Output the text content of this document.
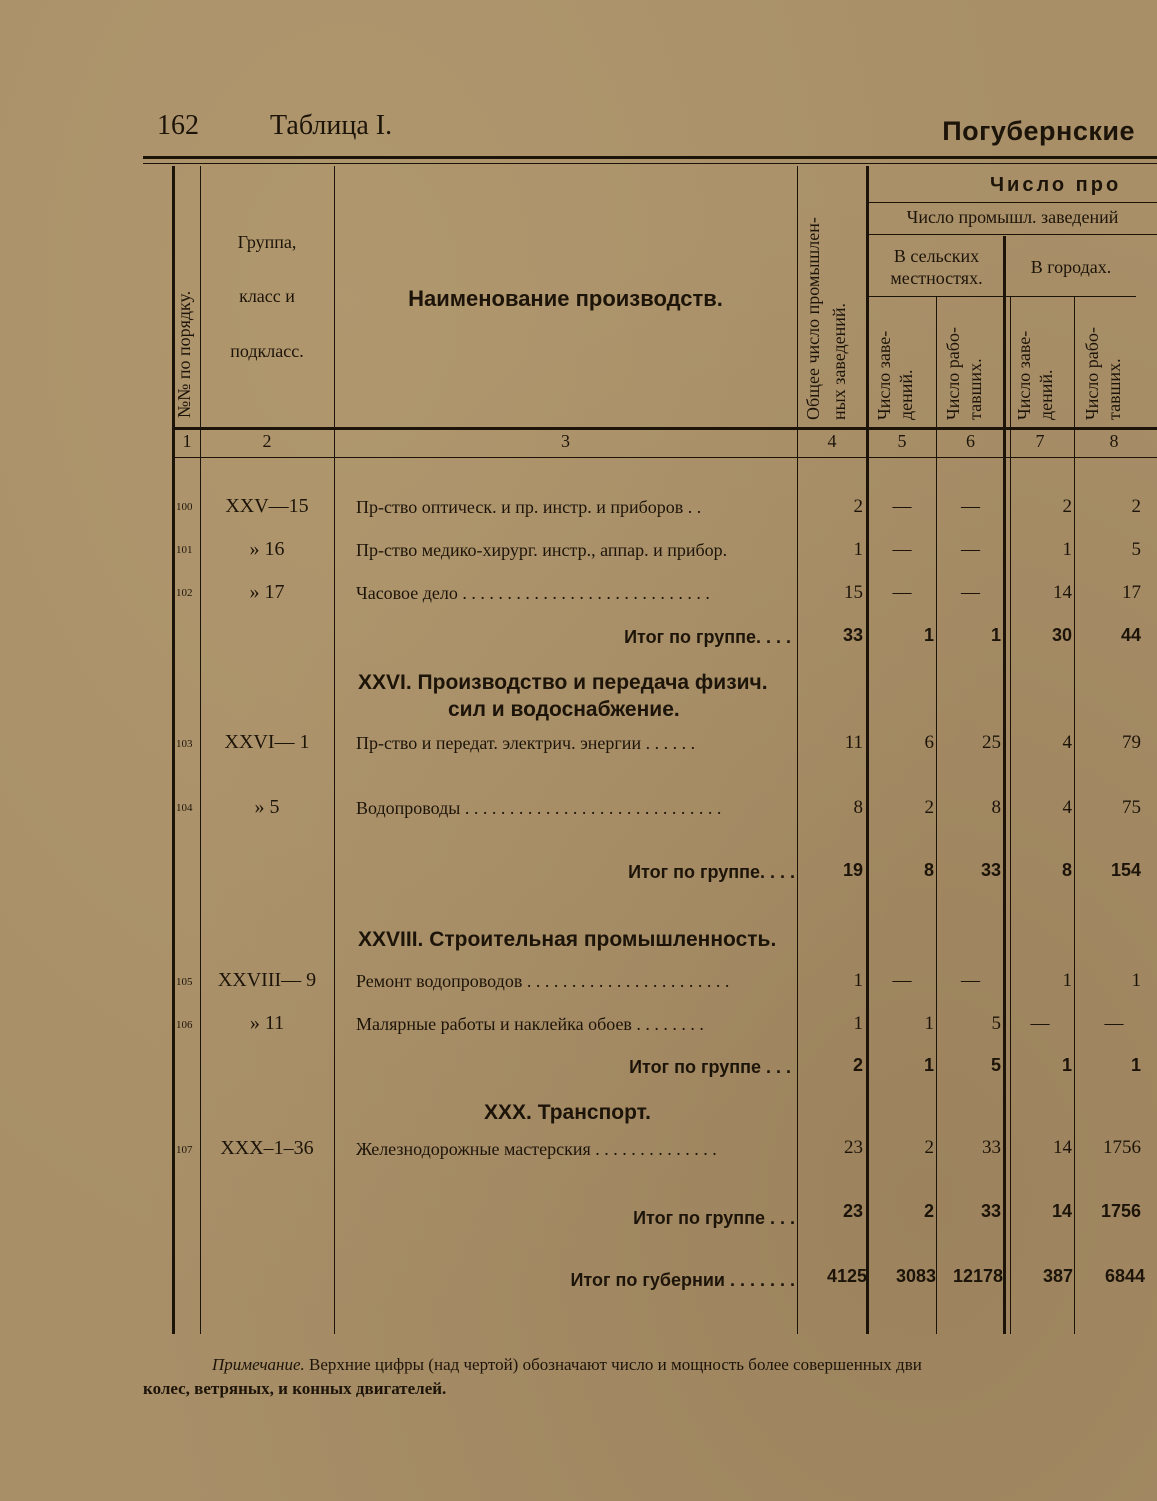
162	Таблица I.	Погубернские
№№ по порядку.
Группа,
класс и
подкласс.
Наименование производств.	Общее число промышлен- ных заведений.
Число про
Число промышл. заведений
В сельских
местностях.
В городах.
Число заве- дений. Число рабо- тавших. Число заве- дений. Число рабо- тавших.
1	2	3	4	5	6	7	8
100	XXV—15	Пр-ство оптическ. и пр. инстр. и приборов . .	2	—	—	2	2
101	» 16	Пр-ство медико-хирург. инстр., аппар. и прибор.	1	—	—	1	5
102	» 17	Часовое дело . . . . . . . . . . . . . . . . . . . . . . . . . . . .	15	—	—	14	17
Итог по группе. . . .	33	1	1	30	44
XXVI. Производство и передача физич.
сил и водоснабжение.
103	XXVI— 1	Пр-ство и передат. электрич. энергии . . . . . .	11	6	25	4	79
104	» 5	Водопроводы . . . . . . . . . . . . . . . . . . . . . . . . . . . . .	8	2	8	4	75
Итог по группе. . . .	19	8	33	8	154
XXVIII. Строительная промышленность.
105	XXVIII— 9	Ремонт водопроводов . . . . . . . . . . . . . . . . . . . . . . .	1	—	—	1	1
106	» 11	Малярные работы и наклейка обоев . . . . . . . .	1	1	5	—	—
Итог по группе . . .	2	1	5	1	1
XXX. Транспорт.
107	XXX–1–36	Железнодорожные мастерския . . . . . . . . . . . . . .	23	2	33	14	1756
Итог по группе . . .	23	2	33	14	1756
Итог по губернии . . . . . . .	4125	3083 12178	387	6844
Примечание. Верхние цифры (над чертой) обозначают число и мощность более совершенных дви
колес, ветряных, и конных двигателей.
